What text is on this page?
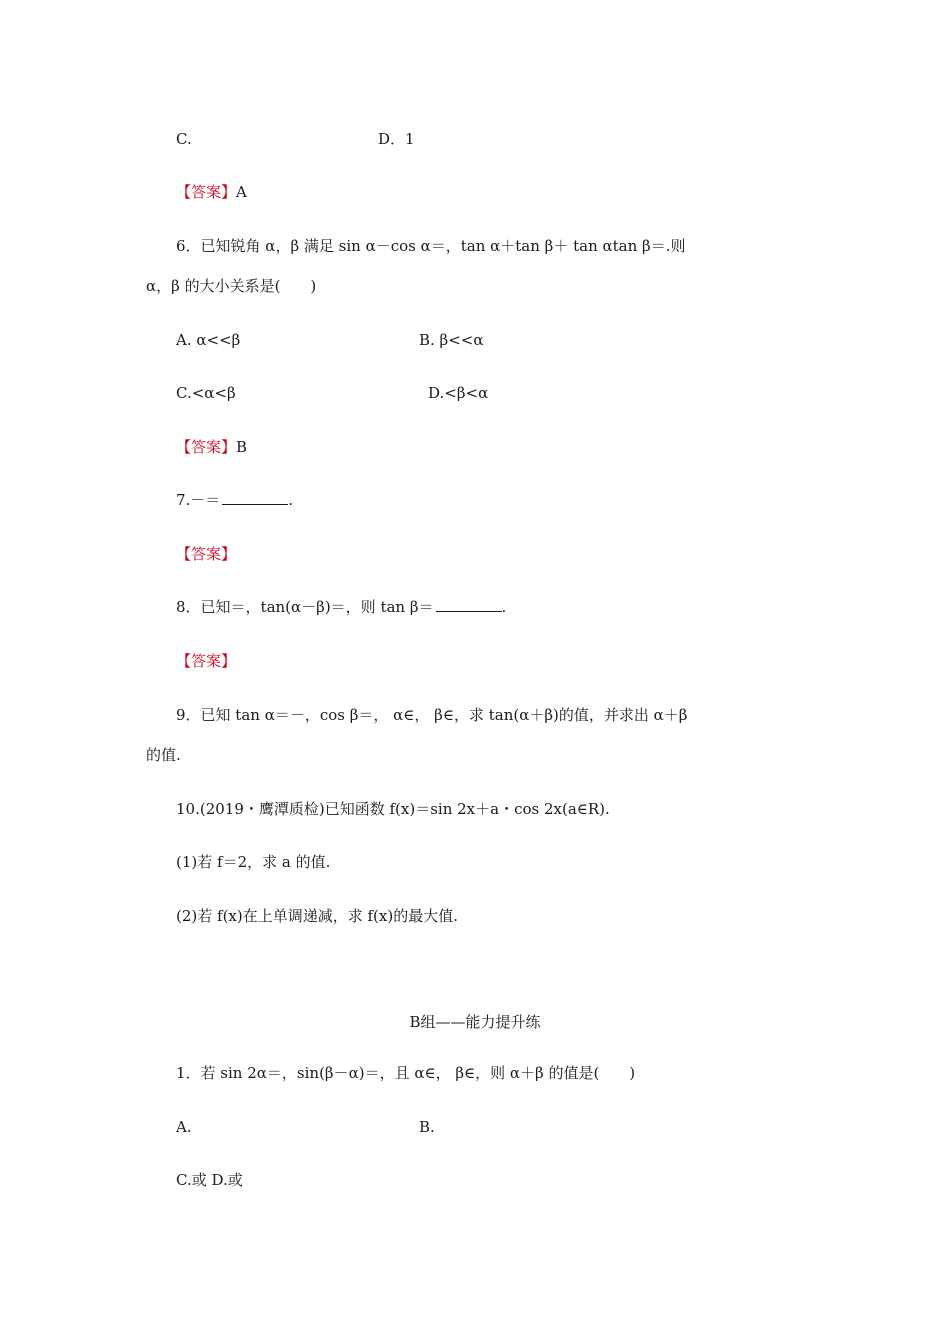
C.	D．1
【答案】A
6．已知锐角 α，β 满足 sin α－cos α＝，tan α＋tan β＋ tan αtan β＝.则
α，β 的大小关系是(　　)
A. α<<β	B. β<<α
C.<α<β	D.<β<α
【答案】B
7.－＝	.
【答案】
8．已知＝，tan(α－β)＝，则 tan β＝	.
【答案】
9．已知 tan α＝－，cos β＝， α∈， β∈，求 tan(α＋β)的值，并求出 α＋β
的值.
10.(2019・鹰潭质检)已知函数 f(x)＝sin 2x＋a・cos 2x(a∈R).
(1)若 f＝2，求 a 的值.
(2)若 f(x)在上单调递减，求 f(x)的最大值.
B组——能力提升练
1．若 sin 2α＝，sin(β－α)＝，且 α∈， β∈，则 α＋β 的值是(　　)
A.	B.
C.或 D.或
